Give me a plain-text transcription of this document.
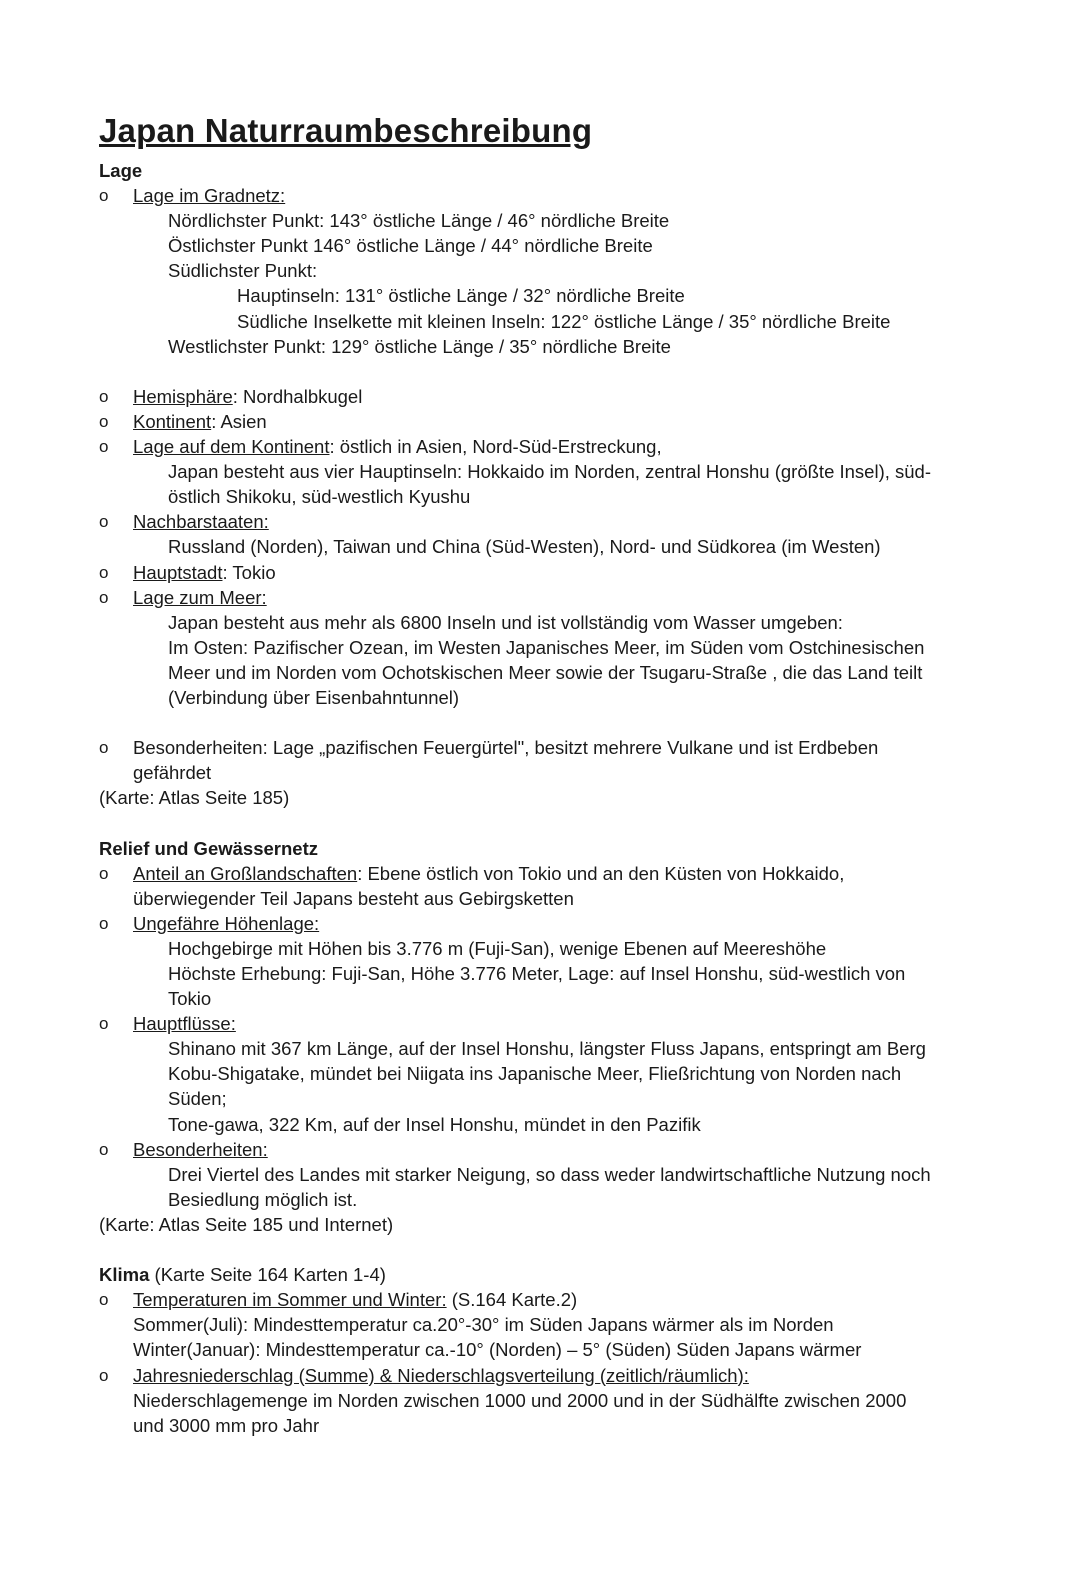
Japan Naturraumbeschreibung
Lage
o	Lage im Gradnetz:
Nördlichster Punkt: 143° östliche Länge / 46° nördliche Breite
Östlichster Punkt 146° östliche Länge / 44° nördliche Breite
Südlichster Punkt:
Hauptinseln: 131° östliche Länge / 32° nördliche Breite
Südliche Inselkette mit kleinen Inseln: 122° östliche Länge / 35° nördliche Breite
Westlichster Punkt: 129° östliche Länge / 35° nördliche Breite
o	Hemisphäre: Nordhalbkugel
o	Kontinent: Asien
o	Lage auf dem Kontinent: östlich in Asien, Nord-Süd-Erstreckung,
Japan besteht aus vier Hauptinseln: Hokkaido im Norden, zentral Honshu (größte Insel), süd-
östlich Shikoku, süd-westlich Kyushu
o	Nachbarstaaten:
Russland (Norden), Taiwan und China (Süd-Westen), Nord- und Südkorea (im Westen)
o	Hauptstadt: Tokio
o	Lage zum Meer:
Japan besteht aus mehr als 6800 Inseln und ist vollständig vom Wasser umgeben:
Im Osten: Pazifischer Ozean, im Westen Japanisches Meer, im Süden vom Ostchinesischen
Meer und im Norden vom Ochotskischen Meer sowie der Tsugaru-Straße , die das Land teilt
(Verbindung über Eisenbahntunnel)
o	Besonderheiten: Lage „pazifischen Feuergürtel", besitzt mehrere Vulkane und ist Erdbeben
gefährdet
(Karte: Atlas Seite 185)
Relief und Gewässernetz
o	Anteil an Großlandschaften: Ebene östlich von Tokio und an den Küsten von Hokkaido,
überwiegender Teil Japans besteht aus Gebirgsketten
o	Ungefähre Höhenlage:
Hochgebirge mit Höhen bis 3.776 m (Fuji-San), wenige Ebenen auf Meereshöhe
Höchste Erhebung: Fuji-San, Höhe 3.776 Meter, Lage: auf Insel Honshu, süd-westlich von
Tokio
o	Hauptflüsse:
Shinano mit 367 km Länge, auf der Insel Honshu, längster Fluss Japans, entspringt am Berg
Kobu-Shigatake, mündet bei Niigata ins Japanische Meer, Fließrichtung von Norden nach
Süden;
Tone-gawa, 322 Km, auf der Insel Honshu, mündet in den Pazifik
o	Besonderheiten:
Drei Viertel des Landes mit starker Neigung, so dass weder landwirtschaftliche Nutzung noch
Besiedlung möglich ist.
(Karte: Atlas Seite 185 und Internet)
Klima (Karte Seite 164 Karten 1-4)
o	Temperaturen im Sommer und Winter: (S.164 Karte.2)
Sommer(Juli): Mindesttemperatur ca.20°-30° im Süden Japans wärmer als im Norden
Winter(Januar): Mindesttemperatur ca.-10° (Norden) – 5° (Süden) Süden Japans wärmer
o	Jahresniederschlag (Summe) & Niederschlagsverteilung (zeitlich/räumlich):
Niederschlagemenge im Norden zwischen 1000 und 2000 und in der Südhälfte zwischen 2000
und 3000 mm pro Jahr
